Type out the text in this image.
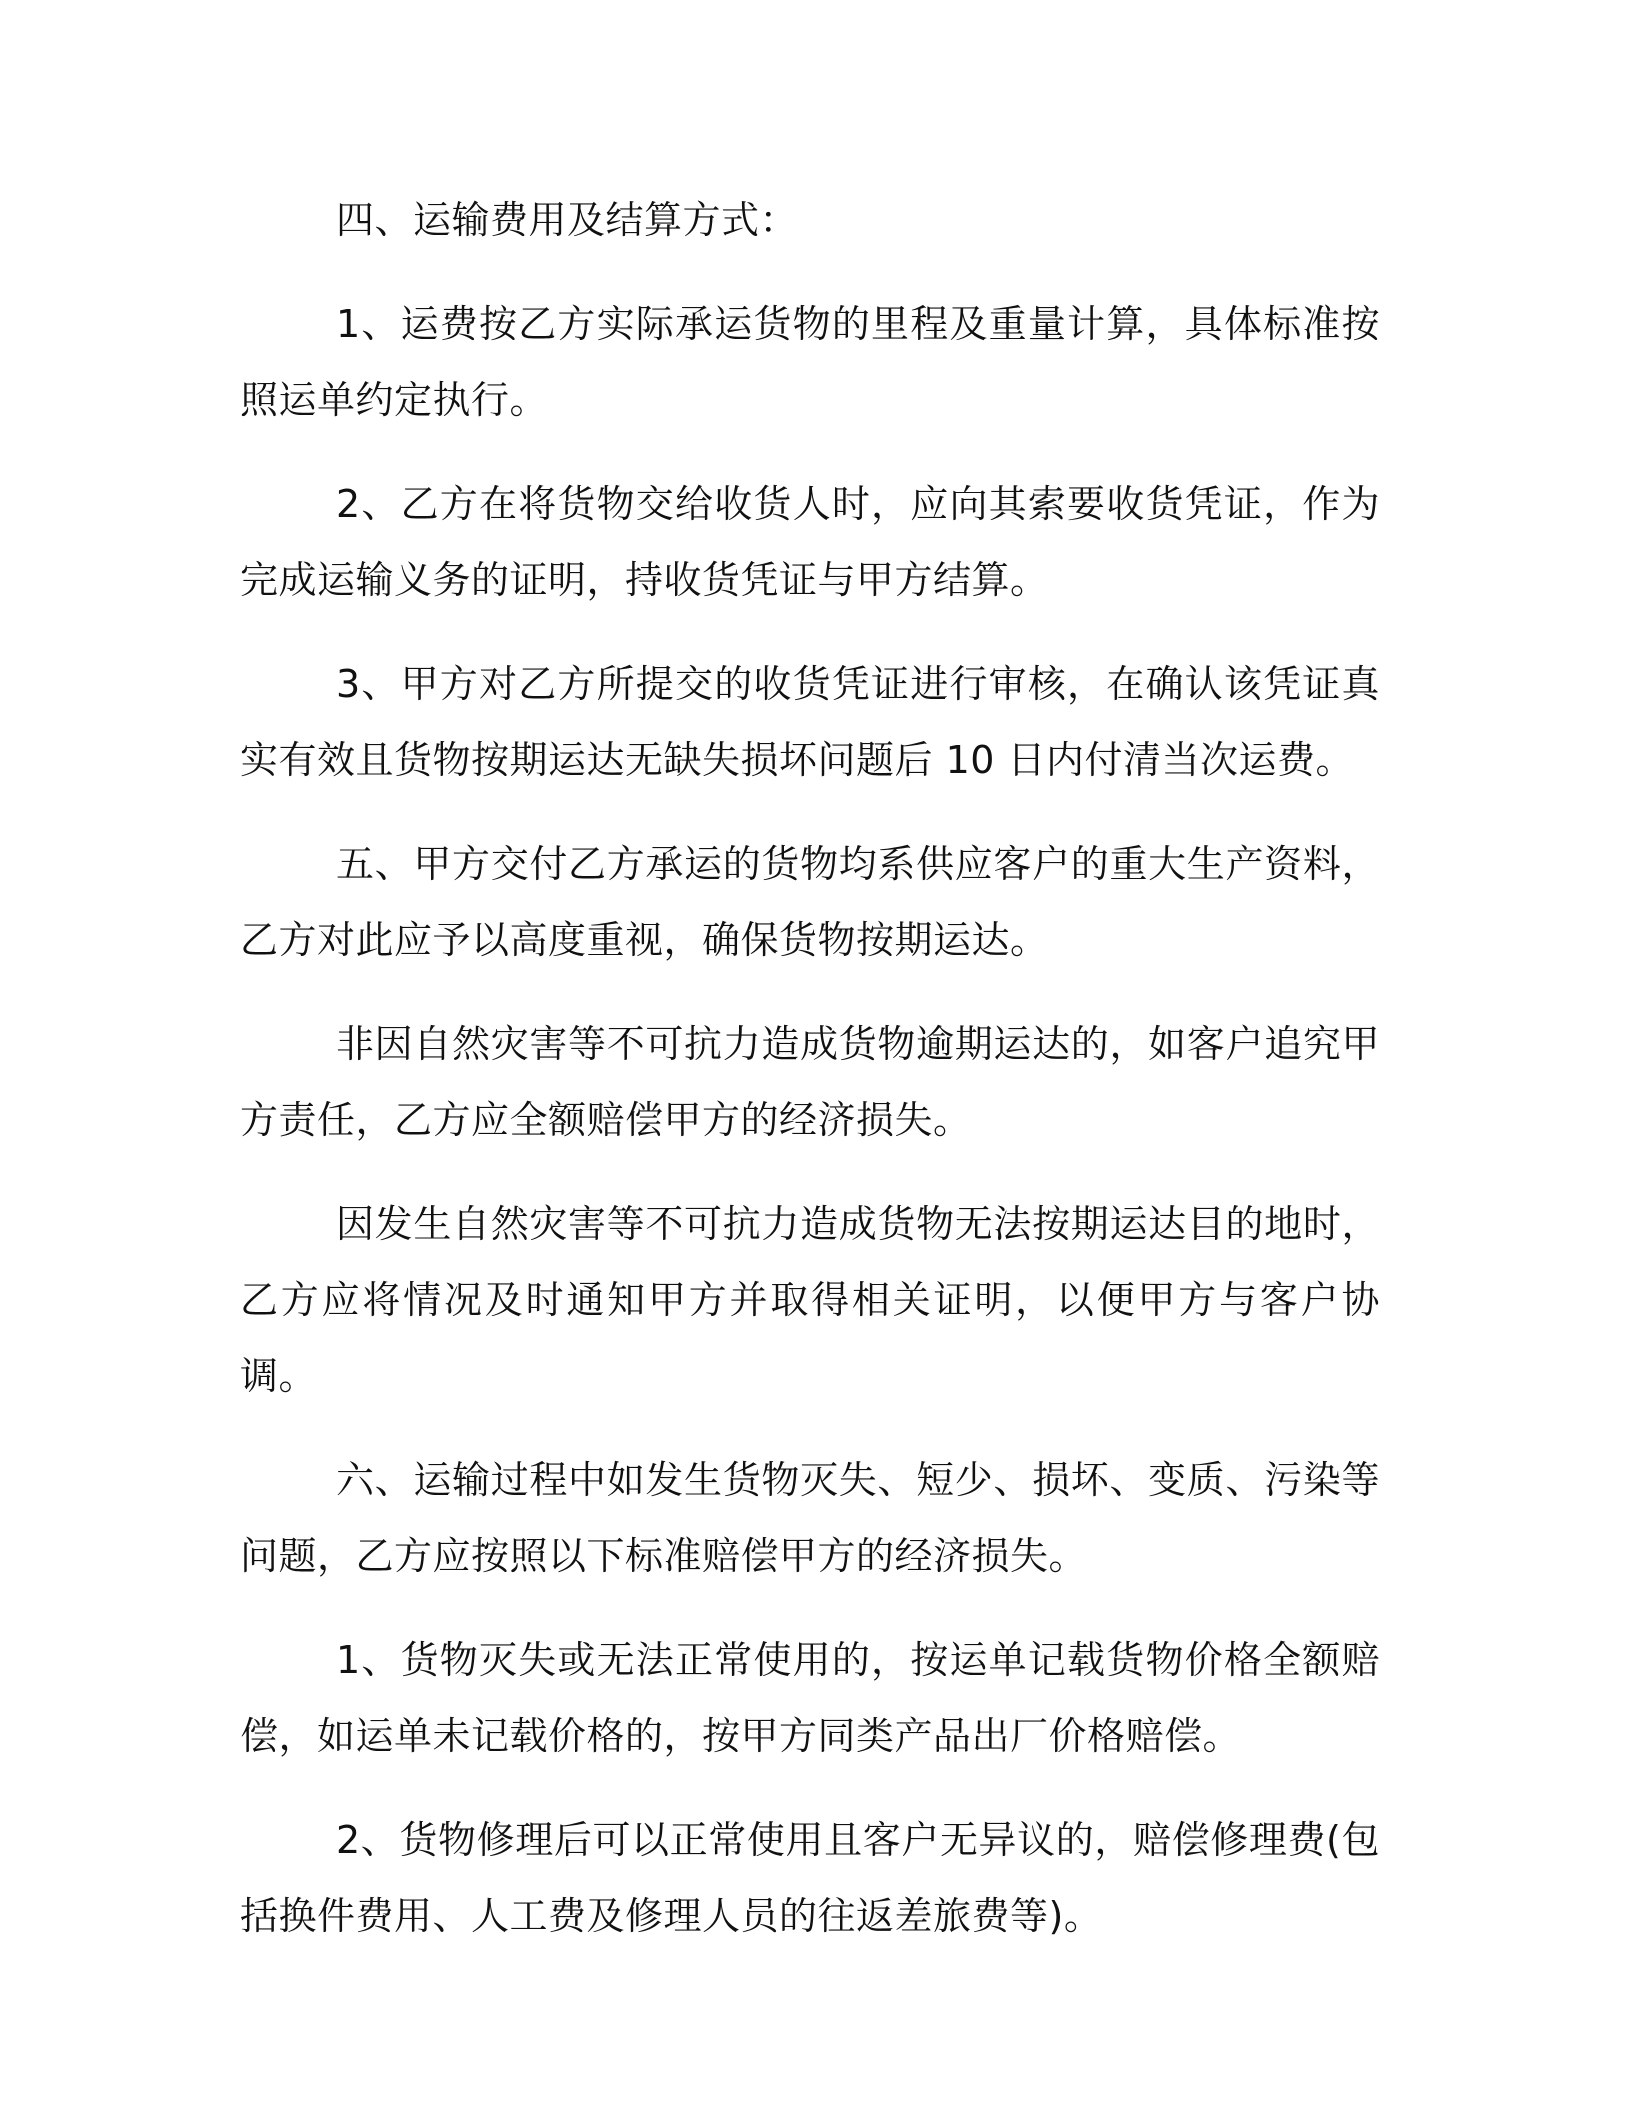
四、运输费用及结算方式：

1、运费按乙方实际承运货物的里程及重量计算，具体标准按照运单约定执行。

2、乙方在将货物交给收货人时，应向其索要收货凭证，作为完成运输义务的证明，持收货凭证与甲方结算。

3、甲方对乙方所提交的收货凭证进行审核，在确认该凭证真实有效且货物按期运达无缺失损坏问题后 10 日内付清当次运费。

五、甲方交付乙方承运的货物均系供应客户的重大生产资料，乙方对此应予以高度重视，确保货物按期运达。

非因自然灾害等不可抗力造成货物逾期运达的，如客户追究甲方责任，乙方应全额赔偿甲方的经济损失。

因发生自然灾害等不可抗力造成货物无法按期运达目的地时，乙方应将情况及时通知甲方并取得相关证明，以便甲方与客户协调。

六、运输过程中如发生货物灭失、短少、损坏、变质、污染等问题，乙方应按照以下标准赔偿甲方的经济损失。

1、货物灭失或无法正常使用的，按运单记载货物价格全额赔偿，如运单未记载价格的，按甲方同类产品出厂价格赔偿。

2、货物修理后可以正常使用且客户无异议的，赔偿修理费(包括换件费用、人工费及修理人员的往返差旅费等)。
